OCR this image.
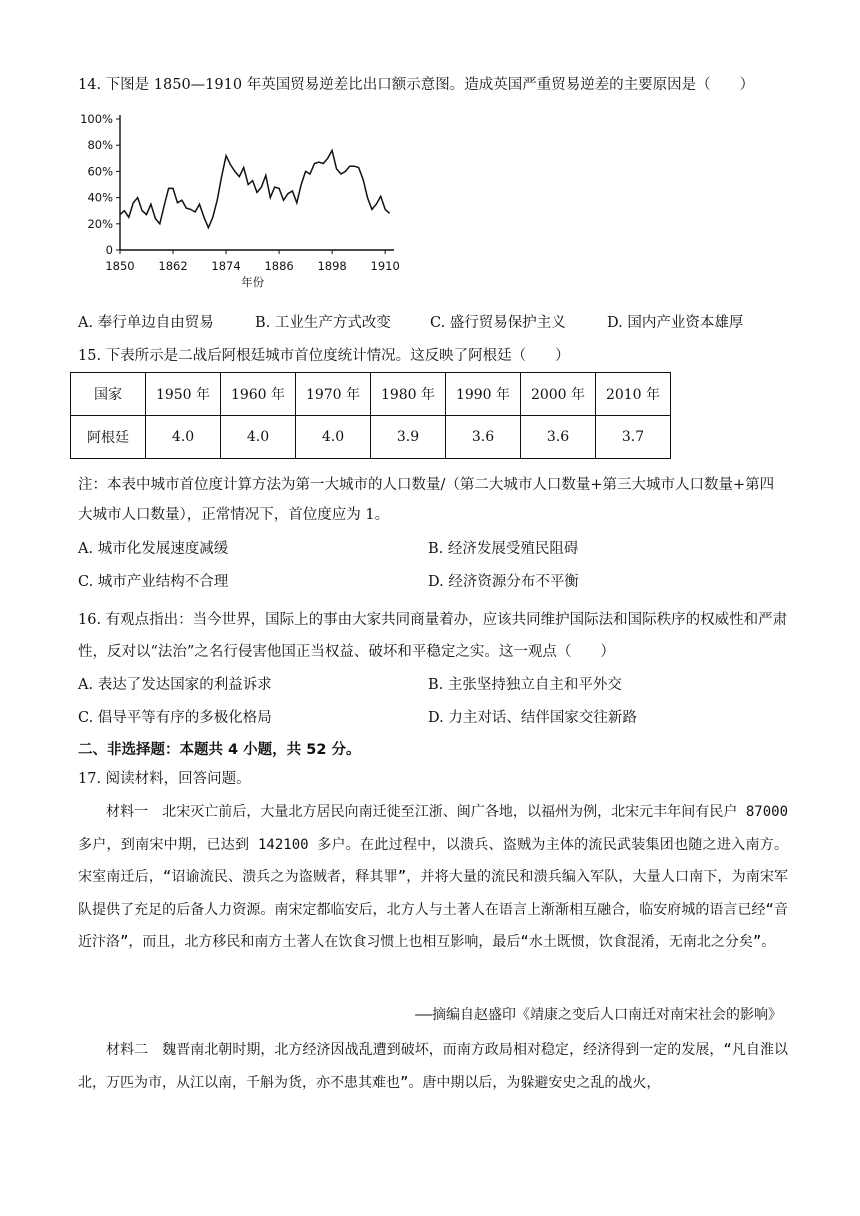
14. 下图是 1850—1910 年英国贸易逆差比出口额示意图。造成英国严重贸易逆差的主要原因是（　　）
0
20%
40%
60%
80%
100%
1850 1862 1874 1886 1898 1910
年份
A. 奉行单边自由贸易	B. 工业生产方式改变	C. 盛行贸易保护主义	D. 国内产业资本雄厚
15. 下表所示是二战后阿根廷城市首位度统计情况。这反映了阿根廷（　　）
国家	1950 年	1960 年	1970 年	1980 年	1990 年	2000 年	2010 年
阿根廷	4.0	4.0	4.0	3.9	3.6	3.6	3.7
注：本表中城市首位度计算方法为第一大城市的人口数量/（第二大城市人口数量+第三大城市人口数量+第四大城市人口数量），正常情况下，首位度应为 1。
A. 城市化发展速度减缓	B. 经济发展受殖民阻碍
C. 城市产业结构不合理	D. 经济资源分布不平衡
16. 有观点指出：当今世界，国际上的事由大家共同商量着办，应该共同维护国际法和国际秩序的权威性和严肃性，反对以“法治”之名行侵害他国正当权益、破坏和平稳定之实。这一观点（　　）
A. 表达了发达国家的利益诉求	B. 主张坚持独立自主和平外交
C. 倡导平等有序的多极化格局	D. 力主对话、结伴国家交往新路
二、非选择题：本题共 4 小题，共 52 分。
17. 阅读材料，回答问题。
　　材料一　北宋灭亡前后，大量北方居民向南迁徙至江浙、闽广各地，以福州为例，北宋元丰年间有民户 87000 多户，到南宋中期，已达到 142100 多户。在此过程中，以溃兵、盗贼为主体的流民武装集团也随之进入南方。宋室南迁后，“诏谕流民、溃兵之为盗贼者，释其罪”，并将大量的流民和溃兵编入军队，大量人口南下，为南宋军队提供了充足的后备人力资源。南宋定都临安后，北方人与土著人在语言上渐渐相互融合，临安府城的语言已经“音近汴洛”，而且，北方移民和南方土著人在饮食习惯上也相互影响，最后“水土既惯，饮食混淆，无南北之分矣”。
——摘编自赵盛印《靖康之变后人口南迁对南宋社会的影响》
　　材料二　魏晋南北朝时期，北方经济因战乱遭到破坏，而南方政局相对稳定，经济得到一定的发展，“凡自淮以北，万匹为市，从江以南，千斛为货，亦不患其难也”。唐中期以后，为躲避安史之乱的战火，
